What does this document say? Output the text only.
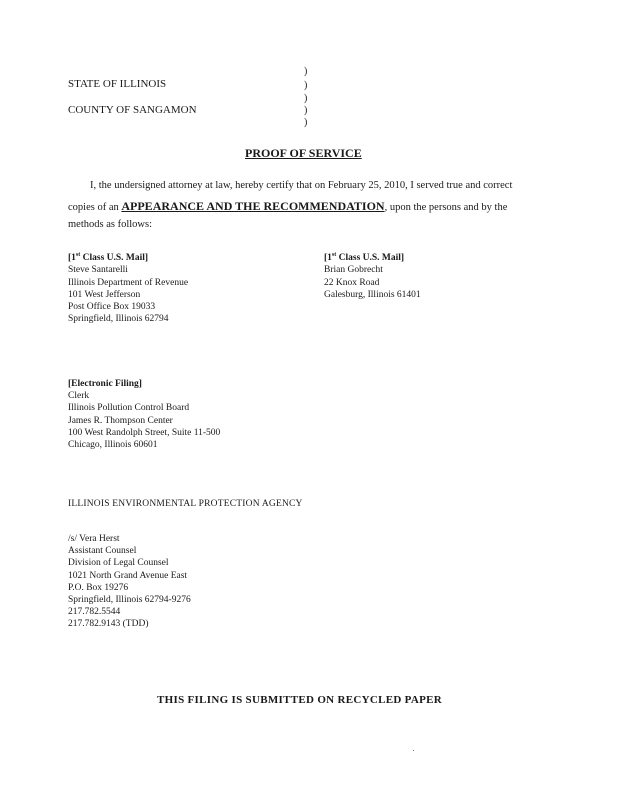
STATE OF ILLINOIS
COUNTY OF SANGAMON
)
)
)
)
)
PROOF OF SERVICE
I, the undersigned attorney at law, hereby certify that on February 25, 2010, I served true and correct
copies of an APPEARANCE AND THE RECOMMENDATION, upon the persons and by the
methods as follows:
[1st Class U.S. Mail]
Steve Santarelli
Illinois Department of Revenue
101 West Jefferson
Post Office Box 19033
Springfield, Illinois 62794
[1st Class U.S. Mail]
Brian Gobrecht
22 Knox Road
Galesburg, Illinois 61401
[Electronic Filing]
Clerk
Illinois Pollution Control Board
James R. Thompson Center
100 West Randolph Street, Suite 11-500
Chicago, Illinois 60601
ILLINOIS ENVIRONMENTAL PROTECTION AGENCY
/s/ Vera Herst
Assistant Counsel
Division of Legal Counsel
1021 North Grand Avenue East
P.O. Box 19276
Springfield, Illinois 62794-9276
217.782.5544
217.782.9143 (TDD)
THIS FILING IS SUBMITTED ON RECYCLED PAPER
